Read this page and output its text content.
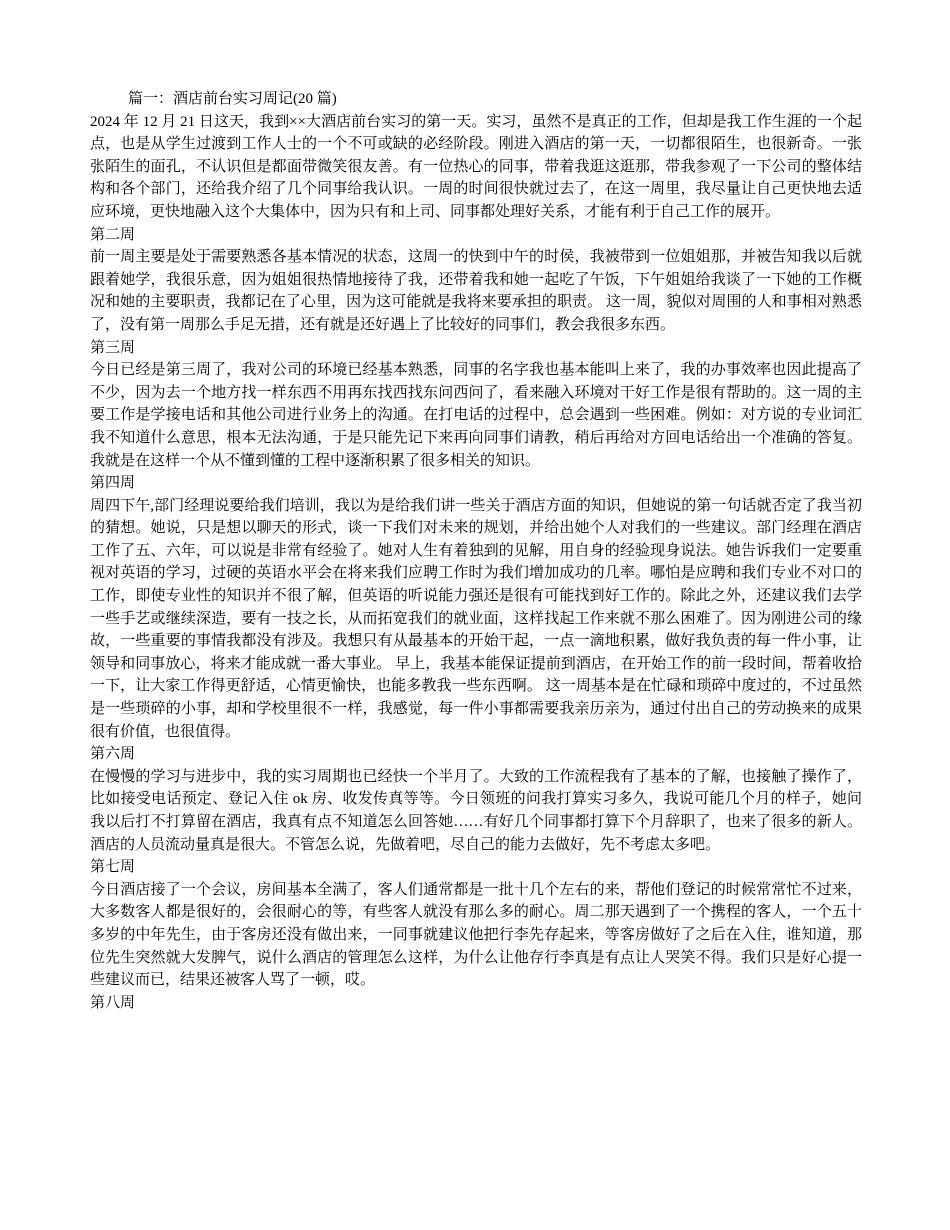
篇一：酒店前台实习周记(20 篇)

2024 年 12 月 21 日这天，我到××大酒店前台实习的第一天。实习，虽然不是真正的工作，但却是我工作生涯的一个起点，也是从学生过渡到工作人士的一个不可或缺的必经阶段。刚进入酒店的第一天，一切都很陌生，也很新奇。一张张陌生的面孔，不认识但是都面带微笑很友善。有一位热心的同事，带着我逛这逛那，带我参观了一下公司的整体结构和各个部门，还给我介绍了几个同事给我认识。一周的时间很快就过去了，在这一周里，我尽量让自己更快地去适应环境，更快地融入这个大集体中，因为只有和上司、同事都处理好关系，才能有利于自己工作的展开。

第二周

前一周主要是处于需要熟悉各基本情况的状态，这周一的快到中午的时侯，我被带到一位姐姐那，并被告知我以后就跟着她学，我很乐意，因为姐姐很热情地接待了我，还带着我和她一起吃了午饭，下午姐姐给我谈了一下她的工作概况和她的主要职责，我都记在了心里，因为这可能就是我将来要承担的职责。 这一周，貌似对周围的人和事相对熟悉了，没有第一周那么手足无措，还有就是还好遇上了比较好的同事们，教会我很多东西。

第三周

今日已经是第三周了，我对公司的环境已经基本熟悉，同事的名字我也基本能叫上来了，我的办事效率也因此提高了不少，因为去一个地方找一样东西不用再东找西找东问西问了，看来融入环境对干好工作是很有帮助的。这一周的主要工作是学接电话和其他公司进行业务上的沟通。在打电话的过程中，总会遇到一些困难。例如：对方说的专业词汇我不知道什么意思，根本无法沟通，于是只能先记下来再向同事们请教，稍后再给对方回电话给出一个准确的答复。我就是在这样一个从不懂到懂的工程中逐渐积累了很多相关的知识。

第四周

周四下午,部门经理说要给我们培训，我以为是给我们讲一些关于酒店方面的知识，但她说的第一句话就否定了我当初的猜想。她说，只是想以聊天的形式，谈一下我们对未来的规划，并给出她个人对我们的一些建议。部门经理在酒店工作了五、六年，可以说是非常有经验了。她对人生有着独到的见解，用自身的经验现身说法。她告诉我们一定要重视对英语的学习，过硬的英语水平会在将来我们应聘工作时为我们增加成功的几率。哪怕是应聘和我们专业不对口的工作，即使专业性的知识并不很了解，但英语的听说能力强还是很有可能找到好工作的。除此之外，还建议我们去学一些手艺或继续深造，要有一技之长，从而拓宽我们的就业面，这样找起工作来就不那么困难了。因为刚进公司的缘故，一些重要的事情我都没有涉及。我想只有从最基本的开始干起，一点一滴地积累，做好我负责的每一件小事，让领导和同事放心，将来才能成就一番大事业。 早上，我基本能保证提前到酒店，在开始工作的前一段时间，帮着收拾一下，让大家工作得更舒适，心情更愉快，也能多教我一些东西啊。 这一周基本是在忙碌和琐碎中度过的，不过虽然是一些琐碎的小事，却和学校里很不一样，我感觉，每一件小事都需要我亲历亲为，通过付出自己的劳动换来的成果很有价值，也很值得。

第六周

在慢慢的学习与进步中，我的实习周期也已经快一个半月了。大致的工作流程我有了基本的了解，也接触了操作了，比如接受电话预定、登记入住 ok 房、收发传真等等。今日领班的问我打算实习多久，我说可能几个月的样子，她问我以后打不打算留在酒店，我真有点不知道怎么回答她……有好几个同事都打算下个月辞职了，也来了很多的新人。酒店的人员流动量真是很大。不管怎么说，先做着吧，尽自己的能力去做好，先不考虑太多吧。

第七周

今日酒店接了一个会议，房间基本全满了，客人们通常都是一批十几个左右的来，帮他们登记的时候常常忙不过来，大多数客人都是很好的，会很耐心的等，有些客人就没有那么多的耐心。周二那天遇到了一个携程的客人，一个五十多岁的中年先生，由于客房还没有做出来，一同事就建议他把行李先存起来，等客房做好了之后在入住，谁知道，那位先生突然就大发脾气，说什么酒店的管理怎么这样，为什么让他存行李真是有点让人哭笑不得。我们只是好心提一些建议而已，结果还被客人骂了一顿，哎。

第八周
